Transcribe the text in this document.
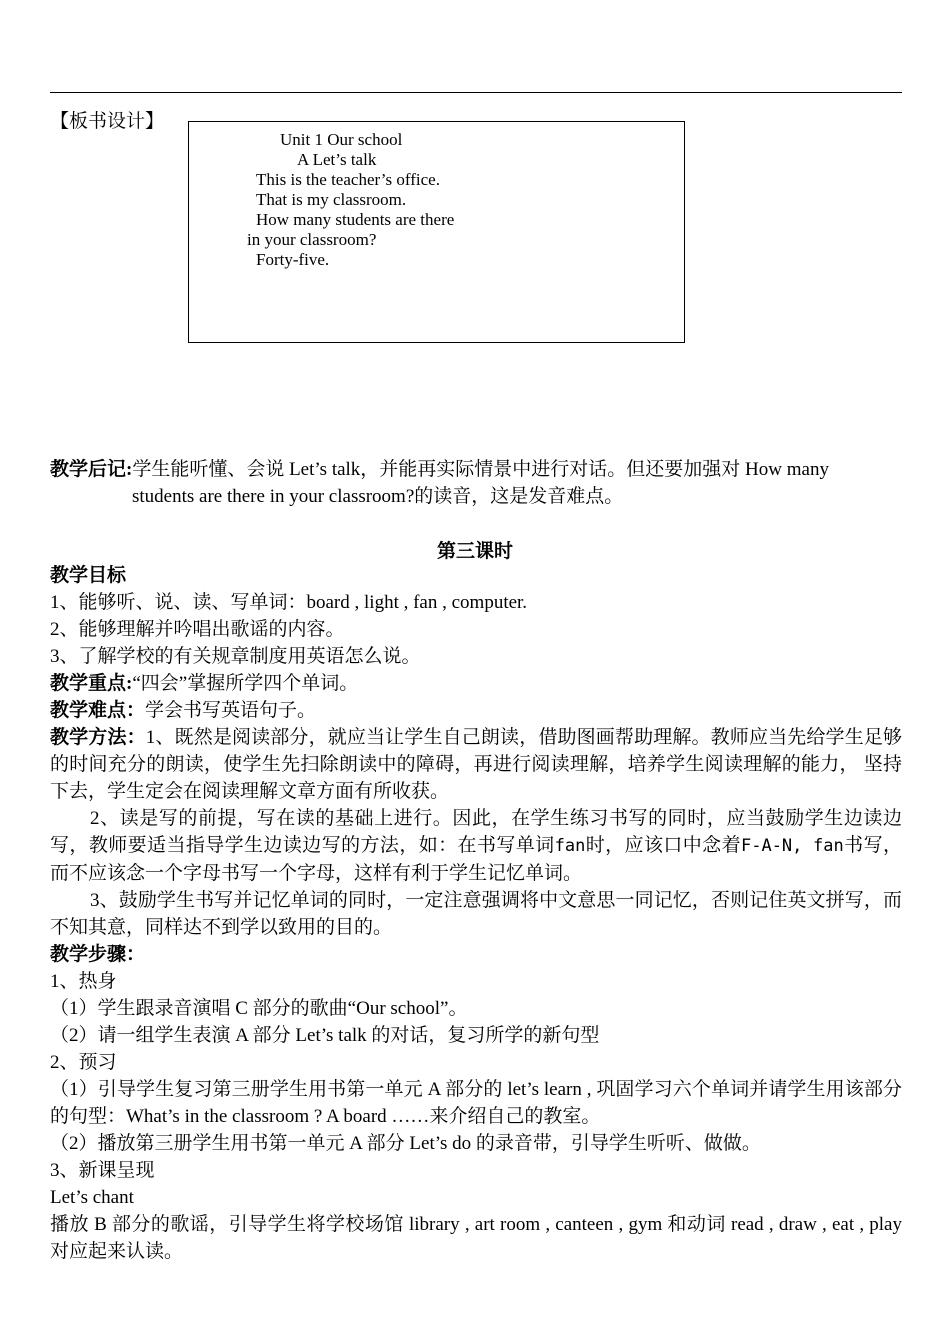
【板书设计】
Unit 1 Our school
A Let’s talk
This is the teacher’s office.
That is my classroom.
How many students are there
in your classroom?
Forty-five.
教学后记:学生能听懂、会说 Let’s talk，并能再实际情景中进行对话。但还要加强对 How many
students are there in your classroom?的读音，这是发音难点。
第三课时

教学目标

1、能够听、说、读、写单词：board , light , fan , computer.

2、能够理解并吟唱出歌谣的内容。

3、了解学校的有关规章制度用英语怎么说。

教学重点:“四会”掌握所学四个单词。

教学难点：学会书写英语句子。

教学方法：1、既然是阅读部分，就应当让学生自己朗读，借助图画帮助理解。教师应当先给学生足够的时间充分的朗读，使学生先扫除朗读中的障碍，再进行阅读理解，培养学生阅读理解的能力， 坚持下去，学生定会在阅读理解文章方面有所收获。

2、读是写的前提，写在读的基础上进行。因此，在学生练习书写的同时，应当鼓励学生边读边写，教师要适当指导学生边读边写的方法，如：在书写单词fan时，应该口中念着F-A-N, fan书写， 而不应该念一个字母书写一个字母，这样有利于学生记忆单词。

3、鼓励学生书写并记忆单词的同时，一定注意强调将中文意思一同记忆，否则记住英文拼写，而不知其意，同样达不到学以致用的目的。

教学步骤：

1、热身

（1）学生跟录音演唱 C 部分的歌曲“Our school”。

（2）请一组学生表演 A 部分 Let’s talk 的对话，复习所学的新句型

2、预习

（1）引导学生复习第三册学生用书第一单元 A 部分的 let’s learn , 巩固学习六个单词并请学生用该部分的句型：What’s in the classroom ? A board ……来介绍自己的教室。

（2）播放第三册学生用书第一单元 A 部分 Let’s do 的录音带，引导学生听听、做做。

3、新课呈现

Let’s chant

播放 B 部分的歌谣，引导学生将学校场馆 library , art room , canteen , gym 和动词 read , draw , eat , play 对应起来认读。
